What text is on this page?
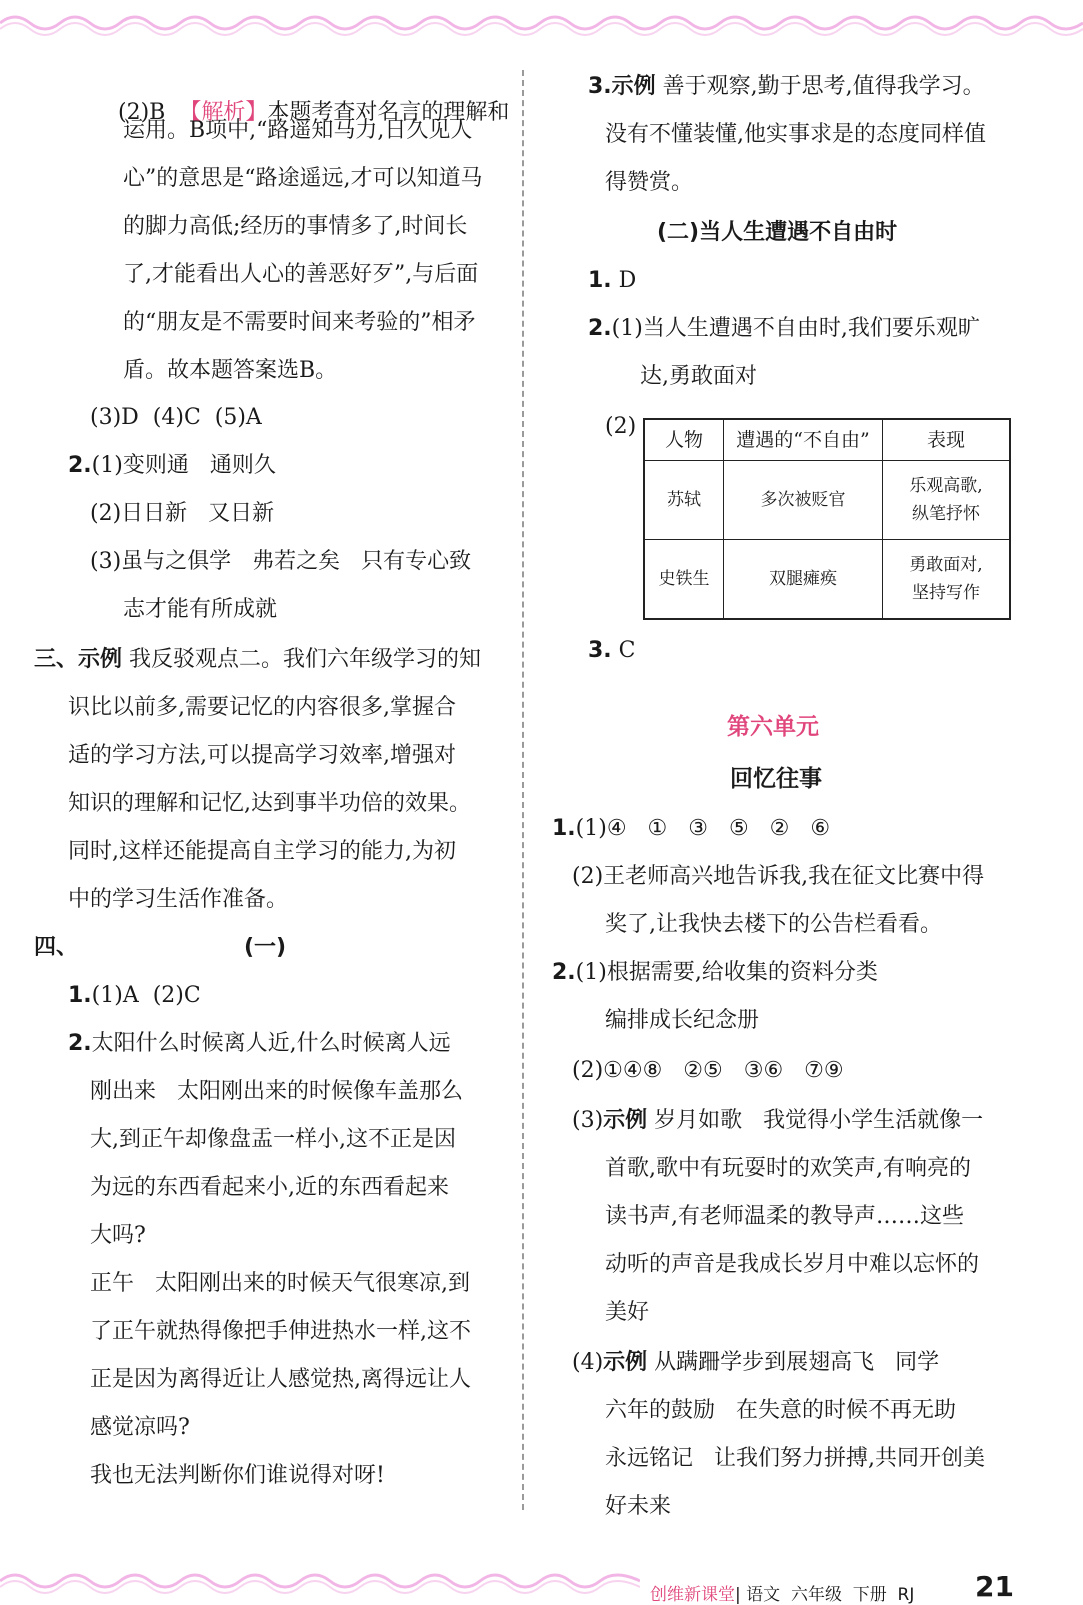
(2)B  【解析】本题考查对名言的理解和

运用。B项中,“路遥知马力,日久见人
心”的意思是“路途遥远,才可以知道马
的脚力高低;经历的事情多了,时间长
了,才能看出人心的善恶好歹”,与后面
的“朋友是不需要时间来考验的”相矛
盾。故本题答案选B。
(3)D  (4)C  (5)A
2.(1)变则通   通则久
(2)日日新   又日新
(3)虽与之俱学   弗若之矣   只有专心致
志才能有所成就
三、示例 我反驳观点二。我们六年级学习的知
识比以前多,需要记忆的内容很多,掌握合
适的学习方法,可以提高学习效率,增强对
知识的理解和记忆,达到事半功倍的效果。
同时,这样还能提高自主学习的能力,为初
中的学习生活作准备。
四、	(一)
1.(1)A  (2)C
2.太阳什么时候离人近,什么时候离人远
刚出来   太阳刚出来的时候像车盖那么
大,到正午却像盘盂一样小,这不正是因
为远的东西看起来小,近的东西看起来
大吗?
正午   太阳刚出来的时候天气很寒凉,到
了正午就热得像把手伸进热水一样,这不
正是因为离得近让人感觉热,离得远让人
感觉凉吗?
我也无法判断你们谁说得对呀!
3.示例 善于观察,勤于思考,值得我学习。
没有不懂装懂,他实事求是的态度同样值
得赞赏。
(二)当人生遭遇不自由时
1. D
2.(1)当人生遭遇不自由时,我们要乐观旷
达,勇敢面对
(2)
人物	遭遇的“不自由”	表现
苏轼	多次被贬官	乐观高歌,
纵笔抒怀
史铁生	双腿瘫痪	勇敢面对,
坚持写作
3. C
第六单元
回忆往事
1.(1)④   ①   ③   ⑤   ②   ⑥
(2)王老师高兴地告诉我,我在征文比赛中得
奖了,让我快去楼下的公告栏看看。
2.(1)根据需要,给收集的资料分类
编排成长纪念册
(2)①④⑧   ②⑤   ③⑥   ⑦⑨
(3)示例 岁月如歌   我觉得小学生活就像一
首歌,歌中有玩耍时的欢笑声,有响亮的
读书声,有老师温柔的教导声……这些
动听的声音是我成长岁月中难以忘怀的
美好
(4)示例 从蹒跚学步到展翅高飞   同学
六年的鼓励   在失意的时候不再无助
永远铭记   让我们努力拼搏,共同开创美
好未来
创维新课堂| 语文  六年级  下册  RJ 21
